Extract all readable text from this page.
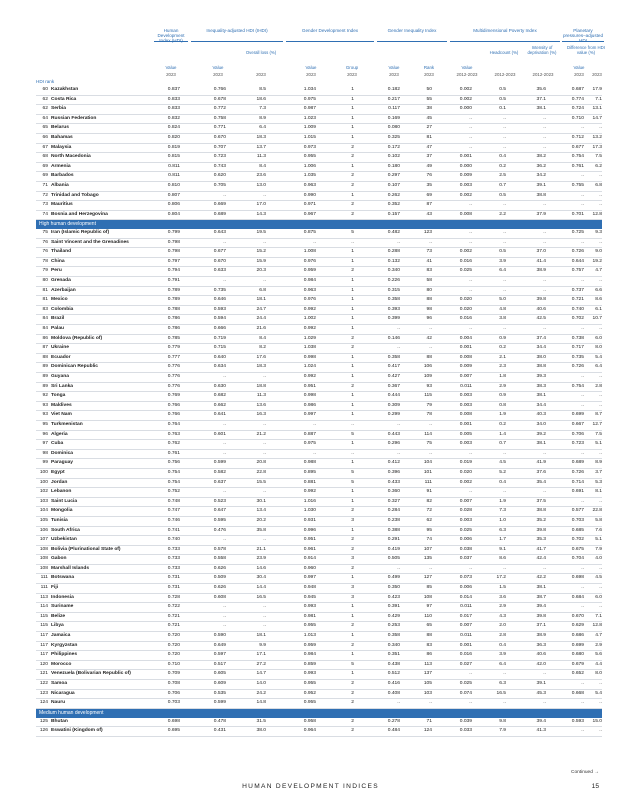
Human Development Index (HDI)
Inequality-adjusted HDI (IHDI)	Gender Development Index	Gender Inequality Index	Multidimensional Poverty Index	Planetary pressures–adjusted HDI
Overall loss (%)	Headcount (%)
Intensity of deprivation (%)
Difference from HDI value (%)
Value	Value	Value	Group	Value	Rank	Value	Value
2023	2023	2023	2023	2023	2023	2023	2012-2023	2012-2023	2012-2023	2023	2023
HDI rank
60 Kazakhstan	0.837	0.766	8.5	1.034	1	0.182	50	0.002	0.5	35.6	0.687	17.9
62 Costa Rica	0.833	0.678	18.6	0.975	1	0.217	55	0.002	0.5	37.1	0.774	7.1
62 Serbia	0.833	0.772	7.3	0.987	1	0.117	38	0.000	0.1	38.1	0.724	13.1
64 Russian Federation	0.832	0.758	8.9	1.023	1	0.169	45	..	..	..	0.710	14.7
65 Belarus	0.824	0.771	6.4	1.009	1	0.080	27	..	..	..	..	..
66 Bahamas	0.820	0.670	18.3	1.015	1	0.325	81	..	..	..	0.712	13.2
67 Malaysia	0.819	0.707	13.7	0.973	2	0.172	47	..	..	..	0.677	17.3
68 North Macedonia	0.815	0.723	11.3	0.955	2	0.102	37	0.001	0.4	38.2	0.754	7.5
69 Armenia	0.811	0.743	8.4	1.006	1	0.180	49	0.000	0.2	36.2	0.761	6.2
69 Barbados	0.811	0.620	23.6	1.035	2	0.297	76	0.009	2.5	34.2	..	..
71 Albania	0.810	0.705	13.0	0.963	2	0.107	35	0.003	0.7	39.1	0.755	6.8
72 Trinidad and Tobago	0.807	..	..	0.990	1	0.262	69	0.002	0.5	38.8	..	..
73 Mauritius	0.806	0.669	17.0	0.971	2	0.352	87	..	..	..	..	..
74 Bosnia and Herzegovina	0.804	0.689	14.3	0.967	2	0.157	43	0.008	2.2	37.9	0.701	12.8
High human development
75 Iran (Islamic Republic of)	0.799	0.643	19.5	0.875	5	0.482	123	..	..	..	0.725	9.3
76 Saint Vincent and the Grenadines	0.798	..	..	..	..	..	..	..	..	..	..	..
76 Thailand	0.798	0.677	15.2	1.008	1	0.288	73	0.002	0.5	37.0	0.726	9.0
78 China	0.797	0.670	15.9	0.976	1	0.132	41	0.016	3.9	41.4	0.644	19.2
79 Peru	0.794	0.633	20.3	0.959	2	0.340	83	0.025	6.4	38.9	0.757	4.7
80 Grenada	0.791	..	..	0.984	1	0.226	58	..	..	..	..	..
81 Azerbaijan	0.789	0.735	6.8	0.963	1	0.315	80	..	..	..	0.737	6.6
81 Mexico	0.789	0.646	18.1	0.976	1	0.358	88	0.020	5.0	39.8	0.721	8.6
83 Colombia	0.788	0.593	24.7	0.992	1	0.393	98	0.020	4.8	40.6	0.740	6.1
84 Brazil	0.786	0.594	24.4	1.002	1	0.399	96	0.016	3.8	42.5	0.702	10.7
84 Palau	0.786	0.666	21.6	0.992	1	..	..	..	..	..	..	..
86 Moldova (Republic of)	0.785	0.719	8.4	1.029	2	0.146	42	0.004	0.9	37.4	0.738	6.0
87 Ukraine	0.779	0.715	8.2	1.038	2	..	..	0.001	0.2	34.4	0.717	8.0
88 Ecuador	0.777	0.640	17.6	0.998	1	0.358	88	0.008	2.1	38.0	0.735	5.4
89 Dominican Republic	0.776	0.634	18.3	1.024	1	0.417	106	0.009	2.3	38.8	0.726	6.4
89 Guyana	0.776	..	..	0.992	1	0.427	109	0.007	1.8	39.3	..	..
89 Sri Lanka	0.776	0.630	18.8	0.951	2	0.367	93	0.011	2.9	38.3	0.754	2.8
92 Tonga	0.769	0.682	11.3	0.998	1	0.444	115	0.003	0.9	38.1	..	..
93 Maldives	0.766	0.662	13.6	0.986	1	0.309	79	0.003	0.8	34.4	..	..
93 Viet Nam	0.766	0.641	16.3	0.997	1	0.299	78	0.008	1.9	40.3	0.699	8.7
95 Turkmenistan	0.764	..	..	..	..	..	..	0.001	0.2	34.0	0.667	12.7
96 Algeria	0.763	0.601	21.2	0.887	5	0.443	114	0.005	1.4	39.2	0.706	7.5
97 Cuba	0.762	..	..	0.975	1	0.296	75	0.003	0.7	38.1	0.723	5.1
98 Dominica	0.761	..	..	..	..	..	..	..	..	..	..	..
99 Paraguay	0.756	0.599	20.8	0.988	1	0.412	104	0.019	4.5	41.9	0.689	8.9
100 Egypt	0.754	0.582	22.8	0.895	5	0.396	101	0.020	5.2	37.6	0.726	3.7
100 Jordan	0.754	0.637	15.5	0.881	5	0.433	111	0.002	0.4	35.4	0.714	5.3
102 Lebanon	0.752	..	..	0.992	1	0.360	91	..	..	..	0.691	8.1
103 Saint Lucia	0.748	0.523	30.1	1.016	1	0.327	82	0.007	1.9	37.5	..	..
104 Mongolia	0.747	0.647	13.4	1.030	2	0.284	72	0.028	7.3	38.8	0.577	22.8
105 Tunisia	0.746	0.595	20.2	0.931	3	0.238	62	0.003	1.0	35.2	0.703	5.8
106 South Africa	0.741	0.476	35.8	0.996	1	0.388	95	0.025	6.3	39.8	0.685	7.6
107 Uzbekistan	0.740	..	..	0.951	2	0.291	74	0.006	1.7	35.3	0.702	5.1
108 Bolivia (Plurinational State of)	0.733	0.578	21.1	0.961	2	0.419	107	0.038	9.1	41.7	0.675	7.9
108 Gabon	0.733	0.558	23.9	0.914	3	0.505	135	0.037	8.6	42.4	0.704	4.0
108 Marshall Islands	0.733	0.626	14.6	0.960	2	..	..	..	..	..	..	..
111 Botswana	0.731	0.509	30.4	0.997	1	0.499	127	0.073	17.2	42.2	0.698	4.5
111 Fiji	0.731	0.626	14.4	0.948	3	0.350	85	0.006	1.5	38.1	..	..
113 Indonesia	0.728	0.608	16.5	0.945	3	0.423	108	0.014	3.6	38.7	0.684	6.0
114 Suriname	0.722	..	..	0.993	1	0.391	97	0.011	2.9	39.4	..	..
115 Belize	0.721	..	..	0.981	1	0.429	110	0.017	4.3	39.8	0.670	7.1
115 Libya	0.721	..	..	0.955	2	0.253	65	0.007	2.0	37.1	0.629	12.8
117 Jamaica	0.720	0.590	18.1	1.013	1	0.358	88	0.011	2.8	38.9	0.686	4.7
117 Kyrgyzstan	0.720	0.649	9.9	0.959	2	0.340	83	0.001	0.4	36.3	0.699	2.9
117 Philippines	0.720	0.597	17.1	0.984	1	0.351	86	0.016	3.9	40.6	0.680	5.6
120 Morocco	0.710	0.517	27.2	0.859	5	0.438	113	0.027	6.4	42.0	0.679	4.4
121 Venezuela (Bolivarian Republic of)	0.709	0.605	14.7	0.993	1	0.512	137	..	..	..	0.652	8.0
122 Samoa	0.708	0.609	14.0	0.955	2	0.416	105	0.025	6.3	39.1	..	..
123 Nicaragua	0.706	0.535	24.2	0.952	2	0.408	103	0.074	16.5	45.3	0.668	5.4
124 Nauru	0.703	0.599	14.8	0.955	2	..	..	..	..	..	..	..
Medium human development
125 Bhutan	0.698	0.478	31.5	0.958	2	0.278	71	0.039	9.8	39.4	0.593	15.0
126 Eswatini (Kingdom of)	0.695	0.431	38.0	0.964	2	0.484	124	0.033	7.9	41.3	..	..
Continued →
HUMAN DEVELOPMENT INDICES	15
